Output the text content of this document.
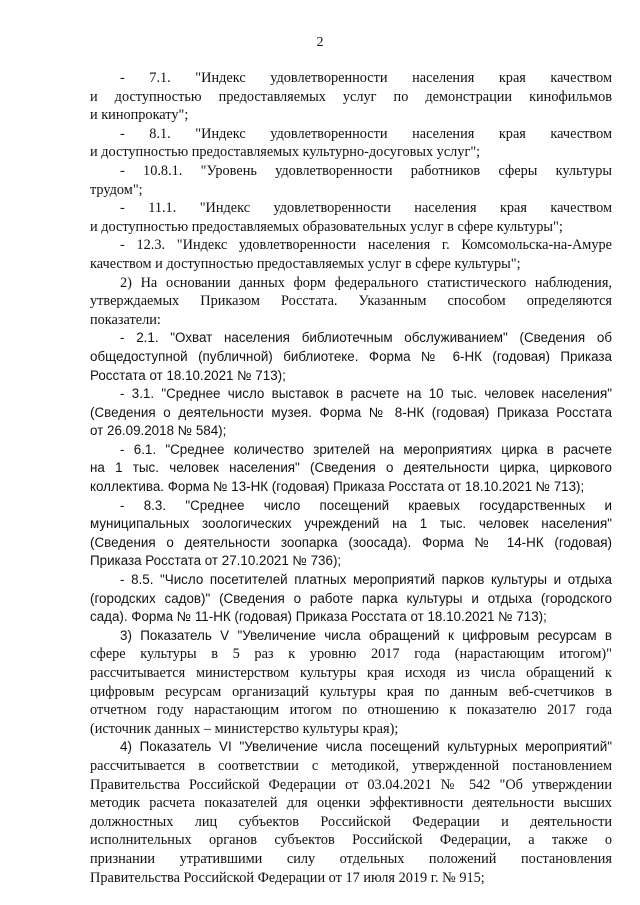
2
- 7.1. "Индекс удовлетворенности населения края качеством
и доступностью предоставляемых услуг по демонстрации кинофильмов
и кинопрокату";
- 8.1. "Индекс удовлетворенности населения края качеством
и доступностью предоставляемых культурно-досуговых услуг";
- 10.8.1. "Уровень удовлетворенности работников сферы культуры
трудом";
- 11.1. "Индекс удовлетворенности населения края качеством
и доступностью предоставляемых образовательных услуг в сфере культуры";
- 12.3. "Индекс удовлетворенности населения г. Комсомольска-на-Амуре
качеством и доступностью предоставляемых услуг в сфере культуры";
2) На основании данных форм федерального статистического наблюдения,
утверждаемых Приказом Росстата. Указанным способом определяются
показатели:
- 2.1. "Охват населения библиотечным обслуживанием" (Сведения об
общедоступной (публичной) библиотеке. Форма № 6-НК (годовая) Приказа
Росстата от 18.10.2021 № 713);
- 3.1. "Среднее число выставок в расчете на 10 тыс. человек населения"
(Сведения о деятельности музея. Форма № 8-НК (годовая) Приказа Росстата
от 26.09.2018 № 584);
- 6.1. "Среднее количество зрителей на мероприятиях цирка в расчете
на 1 тыс. человек населения" (Сведения о деятельности цирка, циркового
коллектива. Форма № 13-НК (годовая) Приказа Росстата от 18.10.2021 № 713);
- 8.3. "Среднее число посещений краевых государственных и
муниципальных зоологических учреждений на 1 тыс. человек населения"
(Сведения о деятельности зоопарка (зоосада). Форма № 14-НК (годовая)
Приказа Росстата от 27.10.2021 № 736);
- 8.5. "Число посетителей платных мероприятий парков культуры и отдыха
(городских садов)" (Сведения о работе парка культуры и отдыха (городского
сада). Форма № 11-НК (годовая) Приказа Росстата от 18.10.2021 № 713);
3) Показатель V "Увеличение числа обращений к цифровым ресурсам в
сфере культуры в 5 раз к уровню 2017 года (нарастающим итогом)"
рассчитывается министерством культуры края исходя из числа обращений к
цифровым ресурсам организаций культуры края по данным веб-счетчиков в
отчетном году нарастающим итогом по отношению к показателю 2017 года
(источник данных – министерство культуры края);
4) Показатель VI "Увеличение числа посещений культурных мероприятий"
рассчитывается в соответствии с методикой, утвержденной постановлением
Правительства Российской Федерации от 03.04.2021 № 542 "Об утверждении
методик расчета показателей для оценки эффективности деятельности высших
должностных лиц субъектов Российской Федерации и деятельности
исполнительных органов субъектов Российской Федерации, а также о
признании утратившими силу отдельных положений постановления
Правительства Российской Федерации от 17 июля 2019 г. № 915;
